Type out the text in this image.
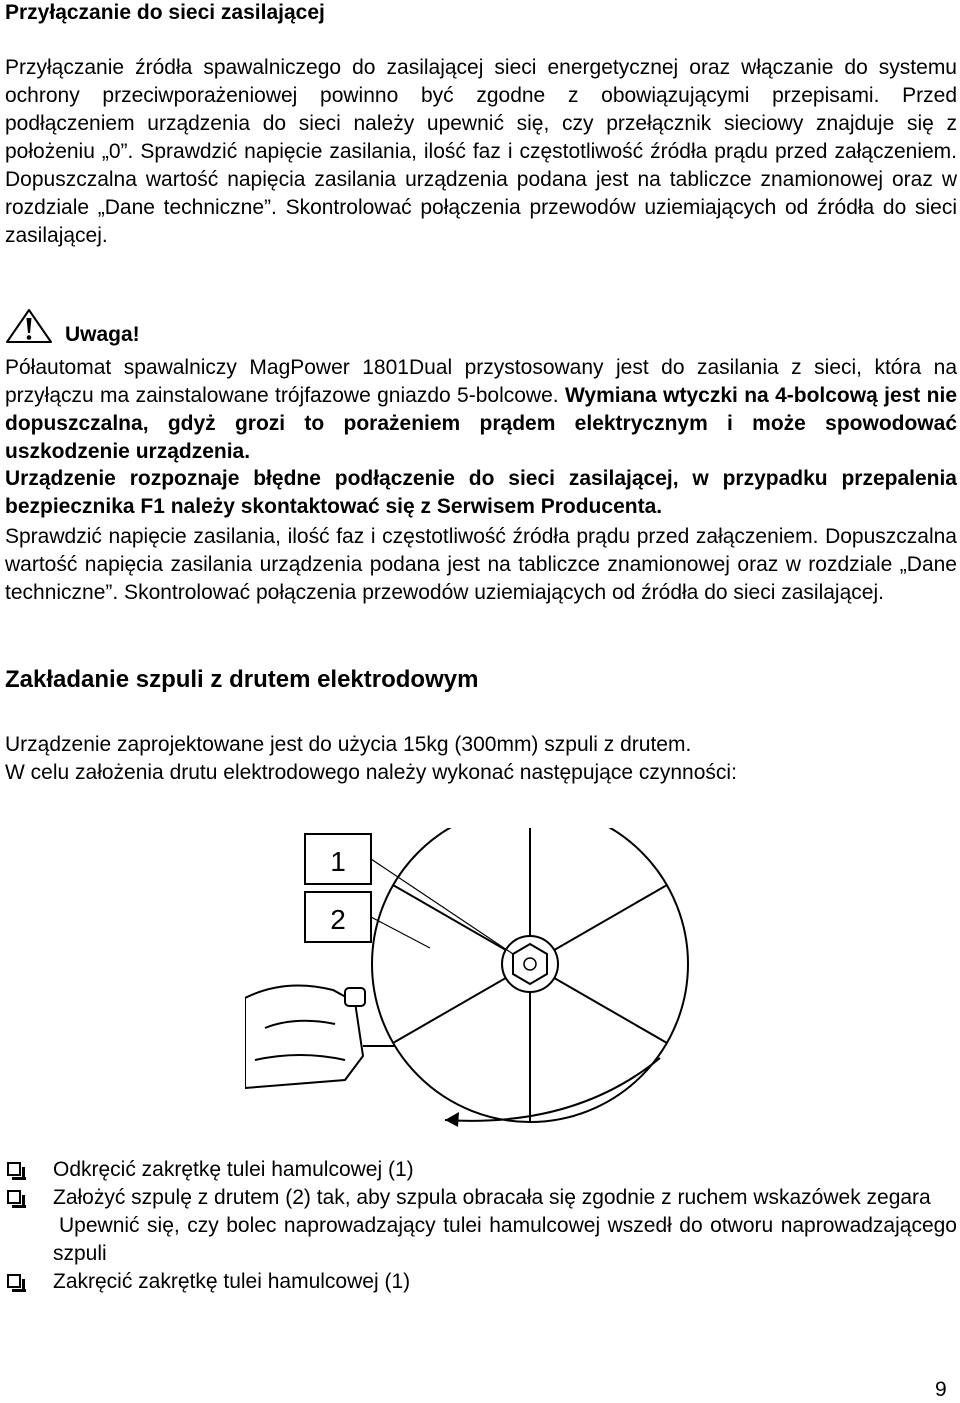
Przyłączanie do sieci zasilającej
Przyłączanie źródła spawalniczego do zasilającej sieci energetycznej oraz włączanie do systemu ochrony przeciwporażeniowej powinno być zgodne z obowiązującymi przepisami. Przed podłączeniem urządzenia do sieci należy upewnić się, czy przełącznik sieciowy znajduje się z położeniu „0”. Sprawdzić napięcie zasilania, ilość faz i częstotliwość źródła prądu przed załączeniem. Dopuszczalna wartość napięcia zasilania urządzenia podana jest na tabliczce znamionowej oraz w rozdziale „Dane techniczne”. Skontrolować połączenia przewodów uziemiających od źródła do sieci zasilającej.
Uwaga!
Półautomat spawalniczy MagPower 1801Dual przystosowany jest do zasilania z sieci, która na przyłączu ma zainstalowane trójfazowe gniazdo 5-bolcowe. Wymiana wtyczki na 4-bolcową jest nie dopuszczalna, gdyż grozi to porażeniem prądem elektrycznym i może spowodować uszkodzenie urządzenia.
Urządzenie rozpoznaje błędne podłączenie do sieci zasilającej, w przypadku przepalenia bezpiecznika F1 należy skontaktować się z Serwisem Producenta.
Sprawdzić napięcie zasilania, ilość faz i częstotliwość źródła prądu przed załączeniem. Dopuszczalna wartość napięcia zasilania urządzenia podana jest na tabliczce znamionowej oraz w rozdziale „Dane techniczne”. Skontrolować połączenia przewodów uziemiających od źródła do sieci zasilającej.
Zakładanie szpuli z drutem elektrodowym
Urządzenie zaprojektowane jest do użycia 15kg (300mm) szpuli z drutem.
W celu założenia drutu elektrodowego należy wykonać następujące czynności:
1
2
Odkręcić zakrętkę tulei hamulcowej (1)
Założyć szpulę z drutem (2) tak, aby szpula obracała się zgodnie z ruchem wskazówek zegara
Upewnić się, czy bolec naprowadzający tulei hamulcowej wszedł do otworu naprowadzającego szpuli
Zakręcić zakrętkę tulei hamulcowej (1)
9
